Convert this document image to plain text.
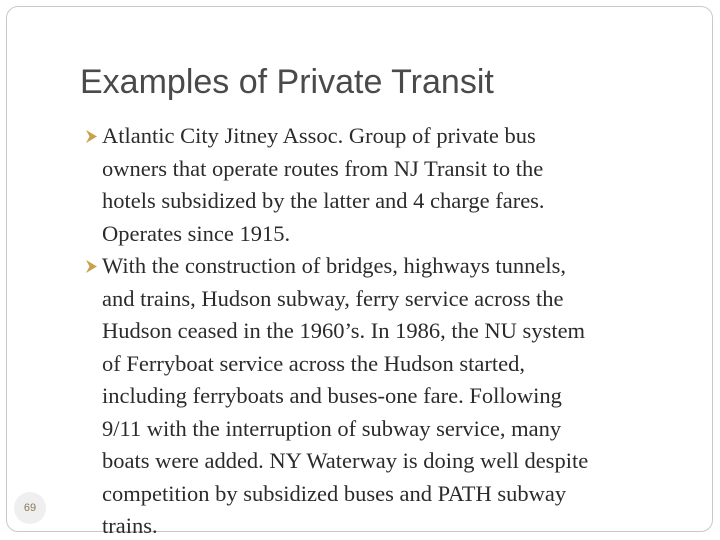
Examples of Private Transit
Atlantic City Jitney Assoc. Group of private bus
owners that operate routes from NJ Transit to the
hotels subsidized by the latter and 4 charge fares.
Operates since 1915.
With the construction of bridges, highways tunnels,
and trains, Hudson subway, ferry service across the
Hudson ceased in the 1960’s. In 1986, the NU system
of Ferryboat service across the Hudson started,
including ferryboats and buses-one fare. Following
9/11 with the interruption of subway service, many
boats were added. NY Waterway is doing well despite
competition by subsidized buses and PATH subway
trains.
69
